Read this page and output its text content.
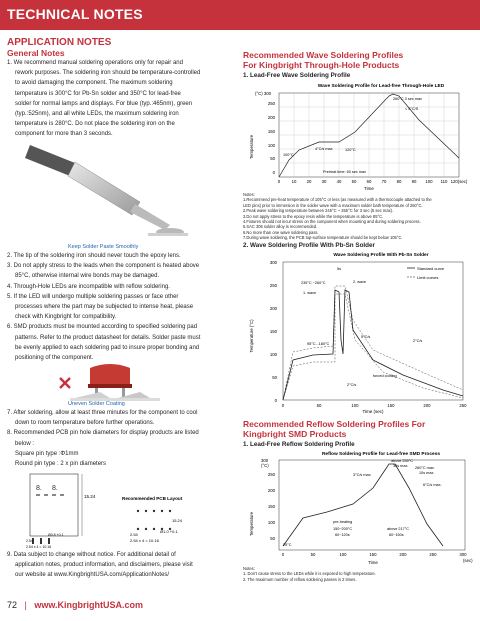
TECHNICAL NOTES
APPLICATION NOTES
General Notes
1. We recommend manual soldering operations only for repair and
rework purposes. The soldering iron should be temperature-controlled
to avoid damaging the component. The maximum soldering
temperature is 300°C for Pb-Sn solder and 350°C for lead-free
solder for normal lamps and displays. For blue (typ.:465nm), green
(typ.:525nm), and all white LEDs, the maximum soldering iron
temperature is 280°C. Do not place the soldering iron on the
component for more than 3 seconds.
Keep Solder Paste Smoothly
2. The tip of the soldering iron should never touch the epoxy lens.
3. Do not apply stress to the leads when the component is heated above
85°C, otherwise internal wire bonds may be damaged.
4. Through-Hole LEDs are incompatible with reflow soldering.
5. If the LED will undergo multiple soldering passes or face other
processes where the part may be subjected to intense heat, please
check with Kingbright for compatibility.
6. SMD products must be mounted according to specified soldering pad
patterns. Refer to the product datasheet for details. Solder paste must
be evenly applied to each soldering pad to insure proper bonding and
positioning of the component.
Uneven Solder Coating
7. After soldering, allow at least three minutes for the component to cool
down to room temperature before further operations.
8. Recommended PCB pin hole diameters for display products are listed
below :
Square pin type :Φ1mm
Round pin type : 2 x pin diameters
8. 8.
15.24	Recommended PCB Layout
15.24
2.54
Ø1.0 +0.1
2.54 x 4 = 10.16
Ø0.8 +0.1
2.54
2.54 x 4 = 10.16
9. Data subject to change without notice. For additional detail of
application notes, product information, and disclaimers, please visit
our website at www.KingbrightUSA.com/ApplicationNotes/
72 | www.KingbrightUSA.com
Recommended Wave Soldering Profiles
For Kingbright Through-Hole Products
1. Lead-Free Wave Soldering Profile
Wave Soldering Profile for Lead-free Through-Hole LED
(°C) 300
250
200
150
100
50
0
Temperature
0	10 20 30 40 50 60 70 80 90 100 110 120(sec)
Time
260°C 3 sec max
< 5°C/S
4°C/s max
100°C
120°C
Preheat time: 60 sec max
Notes:
1.Recommend pre-heat temperature of 105°C or less (as measured with a thermocouple attached to the
LED pins) prior to immersion in the solder wave with a maximum solder bath temperature of 260°C.
2.Peak wave soldering temperature between 245°C ~ 255°C for 3 sec (5 sec max).
3.Do not apply stress to the epoxy resin while the temperature is above 85°C.
4.Fixtures should not incur stress on the component when mounting and during soldering process.
5.SAC 305 solder alloy is recommended.
6.No more than one wave soldering pass.
7.During wave soldering, the PCB top-surface temperature should be kept below 105°C.
2. Wave Soldering Profile With Pb-Sn Solder
Wave Soldering Profile With Pb-Sn Solder
Temperature (°C)
300
250
200
150
100
50
0
0	50	100	150	200	250
Time (sec)
Standard curve
Limit curves
5s
235°C ~260°C
1. wave
2. wave
95°C...180°C
2°C/s
5°C/s
forced cooling
2°C/s
Recommended Reflow Soldering Profiles For
Kingbright SMD Products
1. Lead-Free Reflow Soldering Profile
Reflow Soldering Profile for Lead-free SMD Process
300
(°C)
Temperature
250
200
150
100
50
0	50	100	150	200	250	300
(sec)
Time
above 255°C
30s max. 260°C max.
10s max.
3°C/s max.
6°C/s max.
pre-heating
150~200°C
60~120s
above 217°C
60~150s
25°C
Notes:
1. Don't cause stress to the LEDs while it is exposed to high temperature.
2. The maximum number of reflow soldering passes is 2 times.
